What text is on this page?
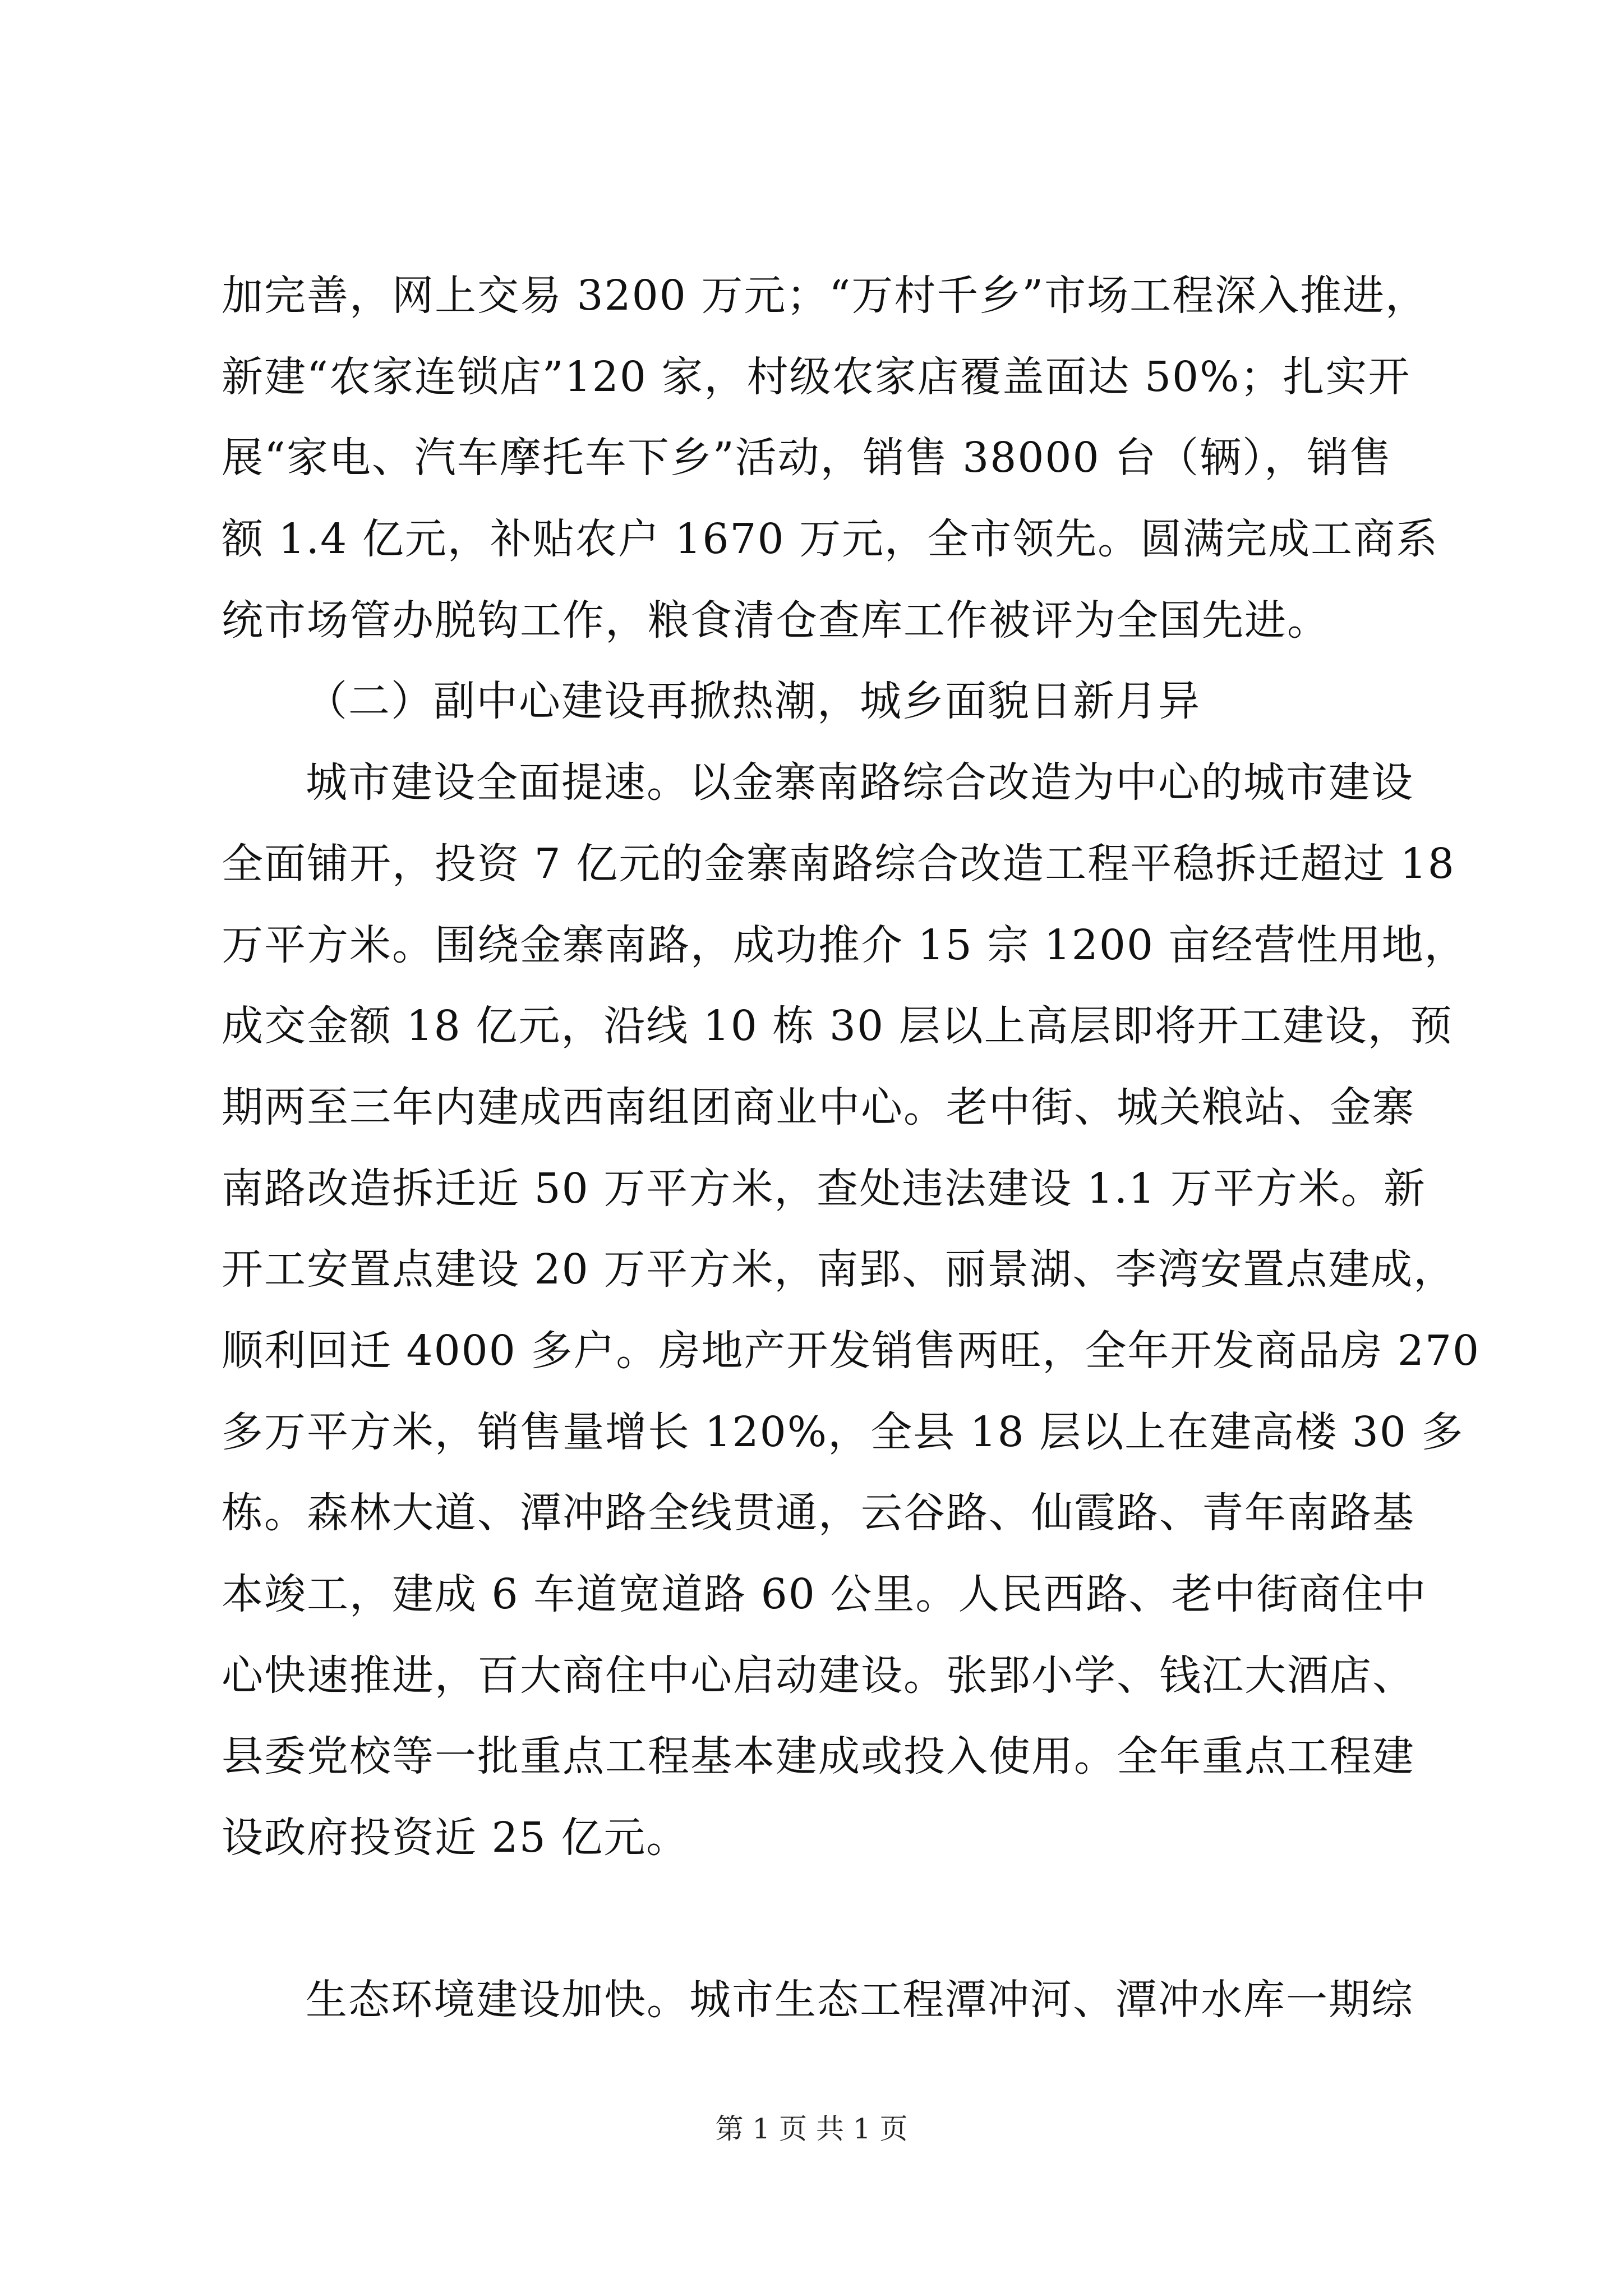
加完善，网上交易 3200 万元；“万村千乡”市场工程深入推进，
新建“农家连锁店”120 家，村级农家店覆盖面达 50%；扎实开
展“家电、汽车摩托车下乡”活动，销售 38000 台（辆），销售
额 1.4 亿元，补贴农户 1670 万元，全市领先。圆满完成工商系
统市场管办脱钩工作，粮食清仓查库工作被评为全国先进。
（二）副中心建设再掀热潮，城乡面貌日新月异
城市建设全面提速。以金寨南路综合改造为中心的城市建设
全面铺开，投资 7 亿元的金寨南路综合改造工程平稳拆迁超过 18
万平方米。围绕金寨南路，成功推介 15 宗 1200 亩经营性用地，
成交金额 18 亿元，沿线 10 栋 30 层以上高层即将开工建设，预
期两至三年内建成西南组团商业中心。老中街、城关粮站、金寨
南路改造拆迁近 50 万平方米，查处违法建设 1.1 万平方米。新
开工安置点建设 20 万平方米，南郢、丽景湖、李湾安置点建成，
顺利回迁 4000 多户。房地产开发销售两旺，全年开发商品房 270
多万平方米，销售量增长 120%，全县 18 层以上在建高楼 30 多
栋。森林大道、潭冲路全线贯通，云谷路、仙霞路、青年南路基
本竣工，建成 6 车道宽道路 60 公里。人民西路、老中街商住中
心快速推进，百大商住中心启动建设。张郢小学、钱江大酒店、
县委党校等一批重点工程基本建成或投入使用。全年重点工程建
设政府投资近 25 亿元。
生态环境建设加快。城市生态工程潭冲河、潭冲水库一期综
第 1 页 共 1 页
